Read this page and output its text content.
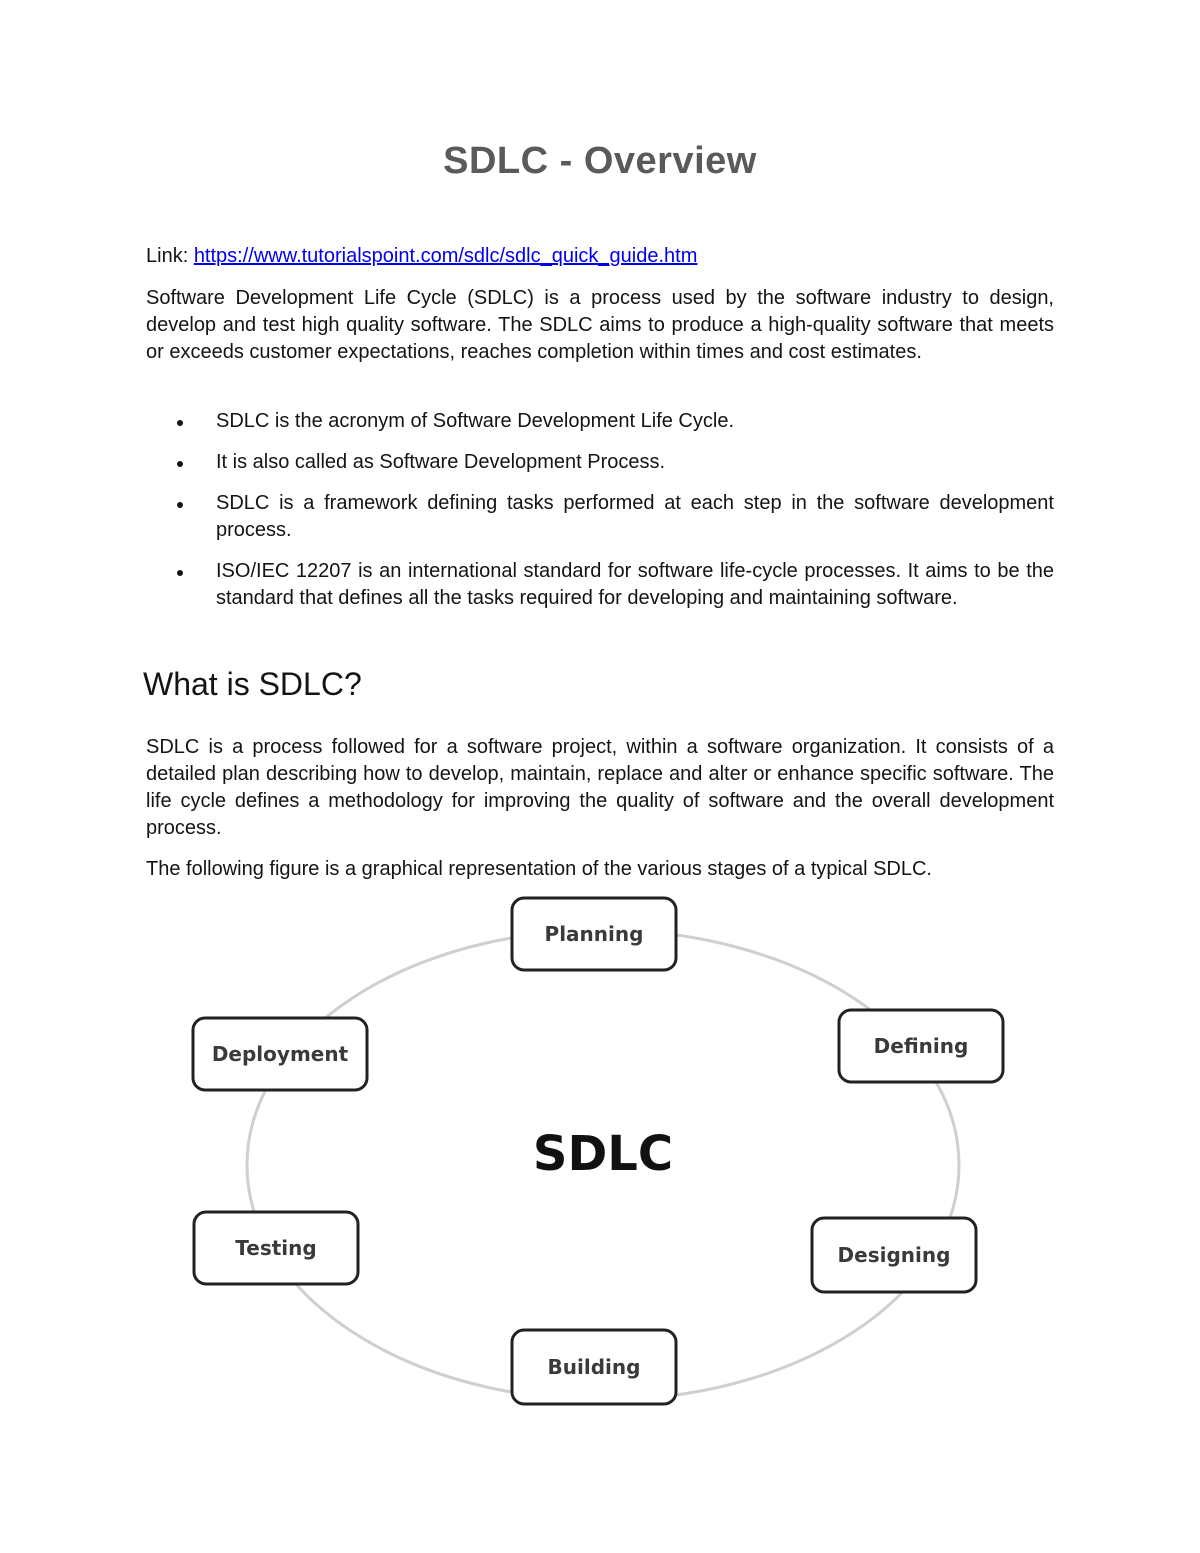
SDLC - Overview
Link: https://www.tutorialspoint.com/sdlc/sdlc_quick_guide.htm

Software Development Life Cycle (SDLC) is a process used by the software industry to design, develop and test high quality software. The SDLC aims to produce a high-quality software that meets or exceeds customer expectations, reaches completion within times and cost estimates.

SDLC is the acronym of Software Development Life Cycle.
It is also called as Software Development Process.
SDLC is a framework defining tasks performed at each step in the software development process.
ISO/IEC 12207 is an international standard for software life-cycle processes. It aims to be the standard that defines all the tasks required for developing and maintaining software.
What is SDLC?

SDLC is a process followed for a software project, within a software organization. It consists of a detailed plan describing how to develop, maintain, replace and alter or enhance specific software. The life cycle defines a methodology for improving the quality of software and the overall development process.

The following figure is a graphical representation of the various stages of a typical SDLC.

SDLC
Planning
Defining
Designing
Building
Testing
Deployment
